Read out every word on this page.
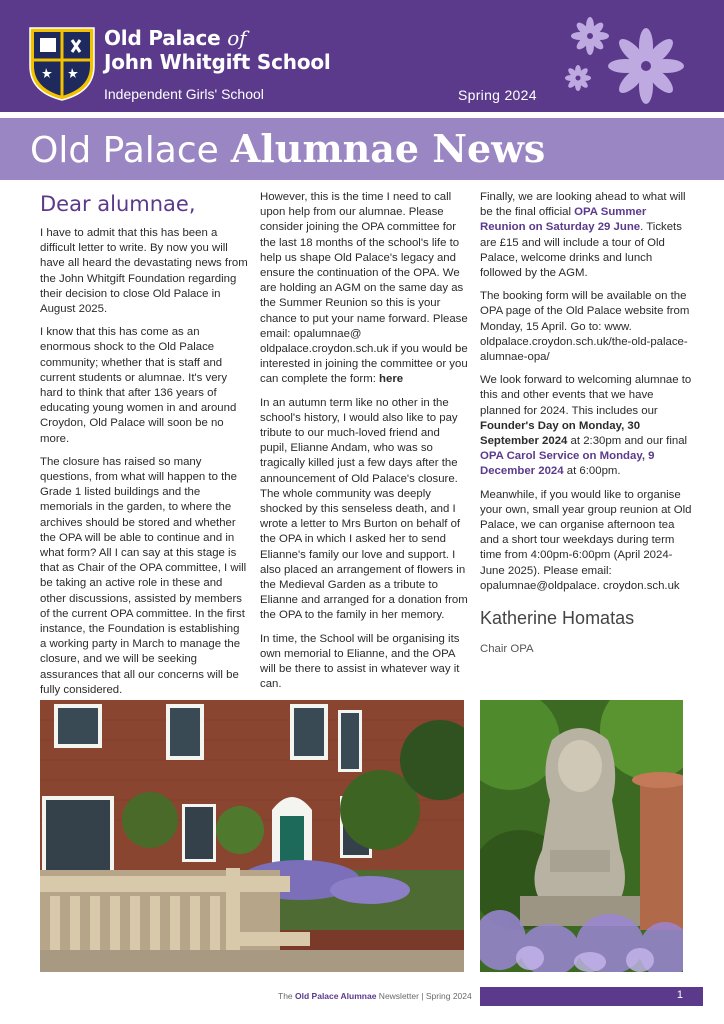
Old Palace of
John Whitgift School
Independent Girls' School	Spring 2024
Old Palace Alumnae News
Dear alumnae,

I have to admit that this has been a difficult letter to write. By now you will have all heard the devastating news from the John Whitgift Foundation regarding their decision to close Old Palace in August 2025.

I know that this has come as an enormous shock to the Old Palace community; whether that is staff and current students or alumnae. It's very hard to think that after 136 years of educating young women in and around Croydon, Old Palace will soon be no more.

The closure has raised so many questions, from what will happen to the Grade 1 listed buildings and the memorials in the garden, to where the archives should be stored and whether the OPA will be able to continue and in what form? All I can say at this stage is that as Chair of the OPA committee, I will be taking an active role in these and other discussions, assisted by members of the current OPA committee. In the first instance, the Foundation is establishing a working party in March to manage the closure, and we will be seeking assurances that all our concerns will be fully considered.

However, this is the time I need to call upon help from our alumnae. Please consider joining the OPA committee for the last 18 months of the school's life to help us shape Old Palace's legacy and ensure the continuation of the OPA. We are holding an AGM on the same day as the Summer Reunion so this is your chance to put your name forward. Please email: opalumnae@ oldpalace.croydon.sch.uk if you would be interested in joining the committee or you can complete the form: here

In an autumn term like no other in the school's history, I would also like to pay tribute to our much-loved friend and pupil, Elianne Andam, who was so tragically killed just a few days after the announcement of Old Palace's closure. The whole community was deeply shocked by this senseless death, and I wrote a letter to Mrs Burton on behalf of the OPA in which I asked her to send Elianne's family our love and support. I also placed an arrangement of flowers in the Medieval Garden as a tribute to Elianne and arranged for a donation from the OPA to the family in her memory.

In time, the School will be organising its own memorial to Elianne, and the OPA will be there to assist in whatever way it can.

Finally, we are looking ahead to what will be the final official OPA Summer Reunion on Saturday 29 June. Tickets are £15 and will include a tour of Old Palace, welcome drinks and lunch followed by the AGM.

The booking form will be available on the OPA page of the Old Palace website from Monday, 15 April. Go to: www. oldpalace.croydon.sch.uk/the-old-palace-alumnae-opa/

We look forward to welcoming alumnae to this and other events that we have planned for 2024. This includes our Founder's Day on Monday, 30 September 2024 at 2:30pm and our final OPA Carol Service on Monday, 9 December 2024 at 6:00pm.

Meanwhile, if you would like to organise your own, small year group reunion at Old Palace, we can organise afternoon tea and a short tour weekdays during term time from 4:00pm-6:00pm (April 2024-June 2025). Please email: opalumnae@oldpalace. croydon.sch.uk

Katherine Homatas
Chair OPA
The Old Palace Alumnae Newsletter | Spring 2024	1
